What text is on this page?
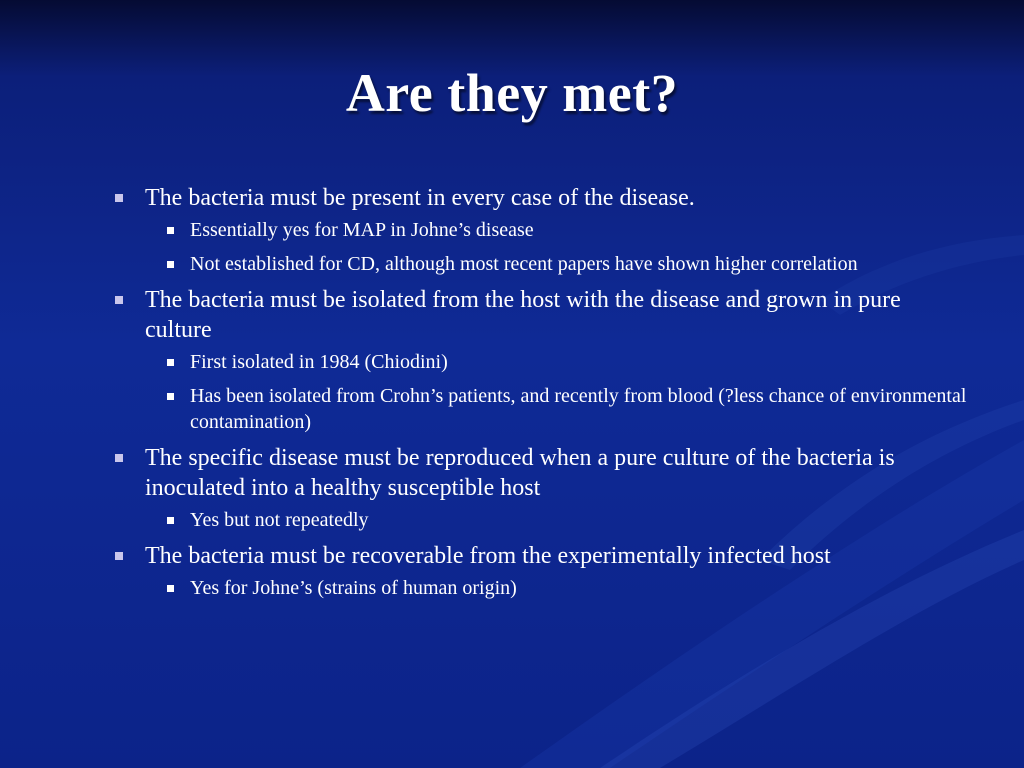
Are they met?
The bacteria must be present in every case of the disease.
Essentially yes for MAP in Johne’s disease
Not established for CD, although most recent papers have shown higher correlation
The bacteria must be isolated from the host with the disease and grown in pure culture
First isolated in 1984 (Chiodini)
Has been isolated from Crohn’s patients, and recently from blood (?less chance of environmental contamination)
The specific disease must be reproduced when a pure culture of the bacteria is inoculated into a healthy susceptible host
Yes but not repeatedly
The bacteria must be recoverable from the experimentally infected host
Yes for Johne’s (strains of human origin)
